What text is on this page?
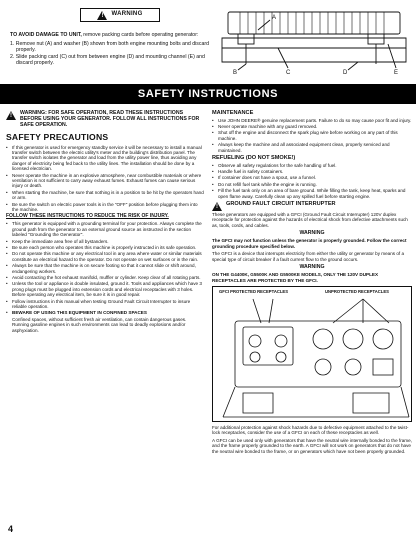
!
WARNING

TO AVOID DAMAGE TO UNIT, remove packing cards before operating generator:

1. Remove nut (A) and washer (B) shown from both engine mounting bolts and discard properly.
2. Slide packing card (C) out from between engine (D) and mounting channel (E) and discard properly.
A
B	C	D	E
SAFETY INSTRUCTIONS
!
WARNING: FOR SAFE OPERATION, READ THESE INSTRUCTIONS BEFORE USING YOUR GENERATOR. FOLLOW ALL INSTRUCTIONS FOR SAFE OPERATION.
SAFETY PRECAUTIONS
• If this generator is used for emergency standby service it will be necessary to install a manual transfer switch between the electric utility's meter and the building's distribution panel. The transfer switch isolates the generator and load from the utility power line, thus avoiding any danger of electricity being fed back to the utility lines. The installation should be done by a licensed electrician.
• Never operate the machine in an explosive atmosphere, near combustible materials or where ventilation is not sufficient to carry away exhaust fumes. Exhaust fumes can cause serious injury or death.
• When starting the machine, be sure that nothing is in a position to be hit by the operators hand or arm.
• Be sure the switch on electric power tools is in the "OFF" position before plugging them into the machine.
FOLLOW THESE INSTRUCTIONS TO REDUCE THE RISK OF INJURY.
• This generator is equipped with a grounding terminal for your protection. Always complete the ground path from the generator to an external ground source as instructed in the section labeled "Grounding the Generator".
• Keep the immediate area free of all bystanders.
• Be sure each person who operates this machine is properly instructed in its safe operation.
• Do not operate this machine or any electrical tool in any area where water or similar materials constitute an electrical hazard to the operator. Do not operate on wet surfaces or in the rain.
• Always be sure that the machine is on secure footing so that it cannot slide or shift around, endangering workers.
• Avoid contacting the hot exhaust manifold, muffler or cylinder. Keep clear of all rotating parts.
• Unless the tool or appliance is double insulated, ground it. Tools and appliances which have 3 prong plugs must be plugged into extension cords and electrical receptacles with 3 holes. Before operating any electrical item, be sure it is in good repair.
• Follow instructions in this manual when testing Ground Fault Circuit Interrupter to insure reliable operation.
• BEWARE OF USING THIS EQUIPMENT IN CONFINED SPACES

Confined spaces, without sufficient fresh air ventilation, can contain dangerous gases. Running gasoline engines in such environments can lead to deadly explosions and/or asphyxiation.

MAINTENANCE
• Use JOHN DEERE® genuine replacement parts. Failure to do so may cause poor fit and injury.
• Never operate machine with any guard removed.
• Shut off the engine and disconnect the spark plug wire before working on any part of this machine.
• Always keep the machine and all associated equipment clean, properly serviced and maintained.
REFUELING (DO NOT SMOKE!)
• Observe all safety regulations for the safe handling of fuel.
• Handle fuel in safety containers.
• If container does not have a spout, use a funnel.
• Do not refill fuel tank while the engine is running.
• Fill the fuel tank only on an area of bare ground. While filling the tank, keep heat, sparks and open flame away. Carefully clean up any spilled fuel before starting engine.
!
GROUND FAULT CIRCUIT INTERRUPTER

These generators are equipped with a GFCI (Ground Fault Circuit Interrupter) 120V duplex receptacle for protection against the hazards of electrical shock from defective attachments such as, tools, cords, and cables.

WARNING

The GFCI may not function unless the generator is properly grounded. Follow the correct grounding procedure specified below.

The GFCI is a device that interrupts electricity from either the utility or generator by means of a special type of circuit breaker if a fault current flow to the ground occurs.

WARNING

ON THE G4400K, G5500K AND G5500KE MODELS, ONLY THE 120V DUPLEX RECEPTACLES ARE PROTECTED BY THE GFCI.

GFCI PROTECTED RECEPTACLES	UNPROTECTED RECEPTACLES

For additional protection against shock hazards due to defective equipment attached to the twist-lock receptacles, consider the use of a GFCI on each of these receptacles as well.

A GFCI can be used only with generators that have the neutral wire internally bonded to the frame, and the frame properly grounded to the earth. A GFCI will not work on generators that do not have the neutral wire bonded to the frame, or on generators which have not been properly grounded.

4
